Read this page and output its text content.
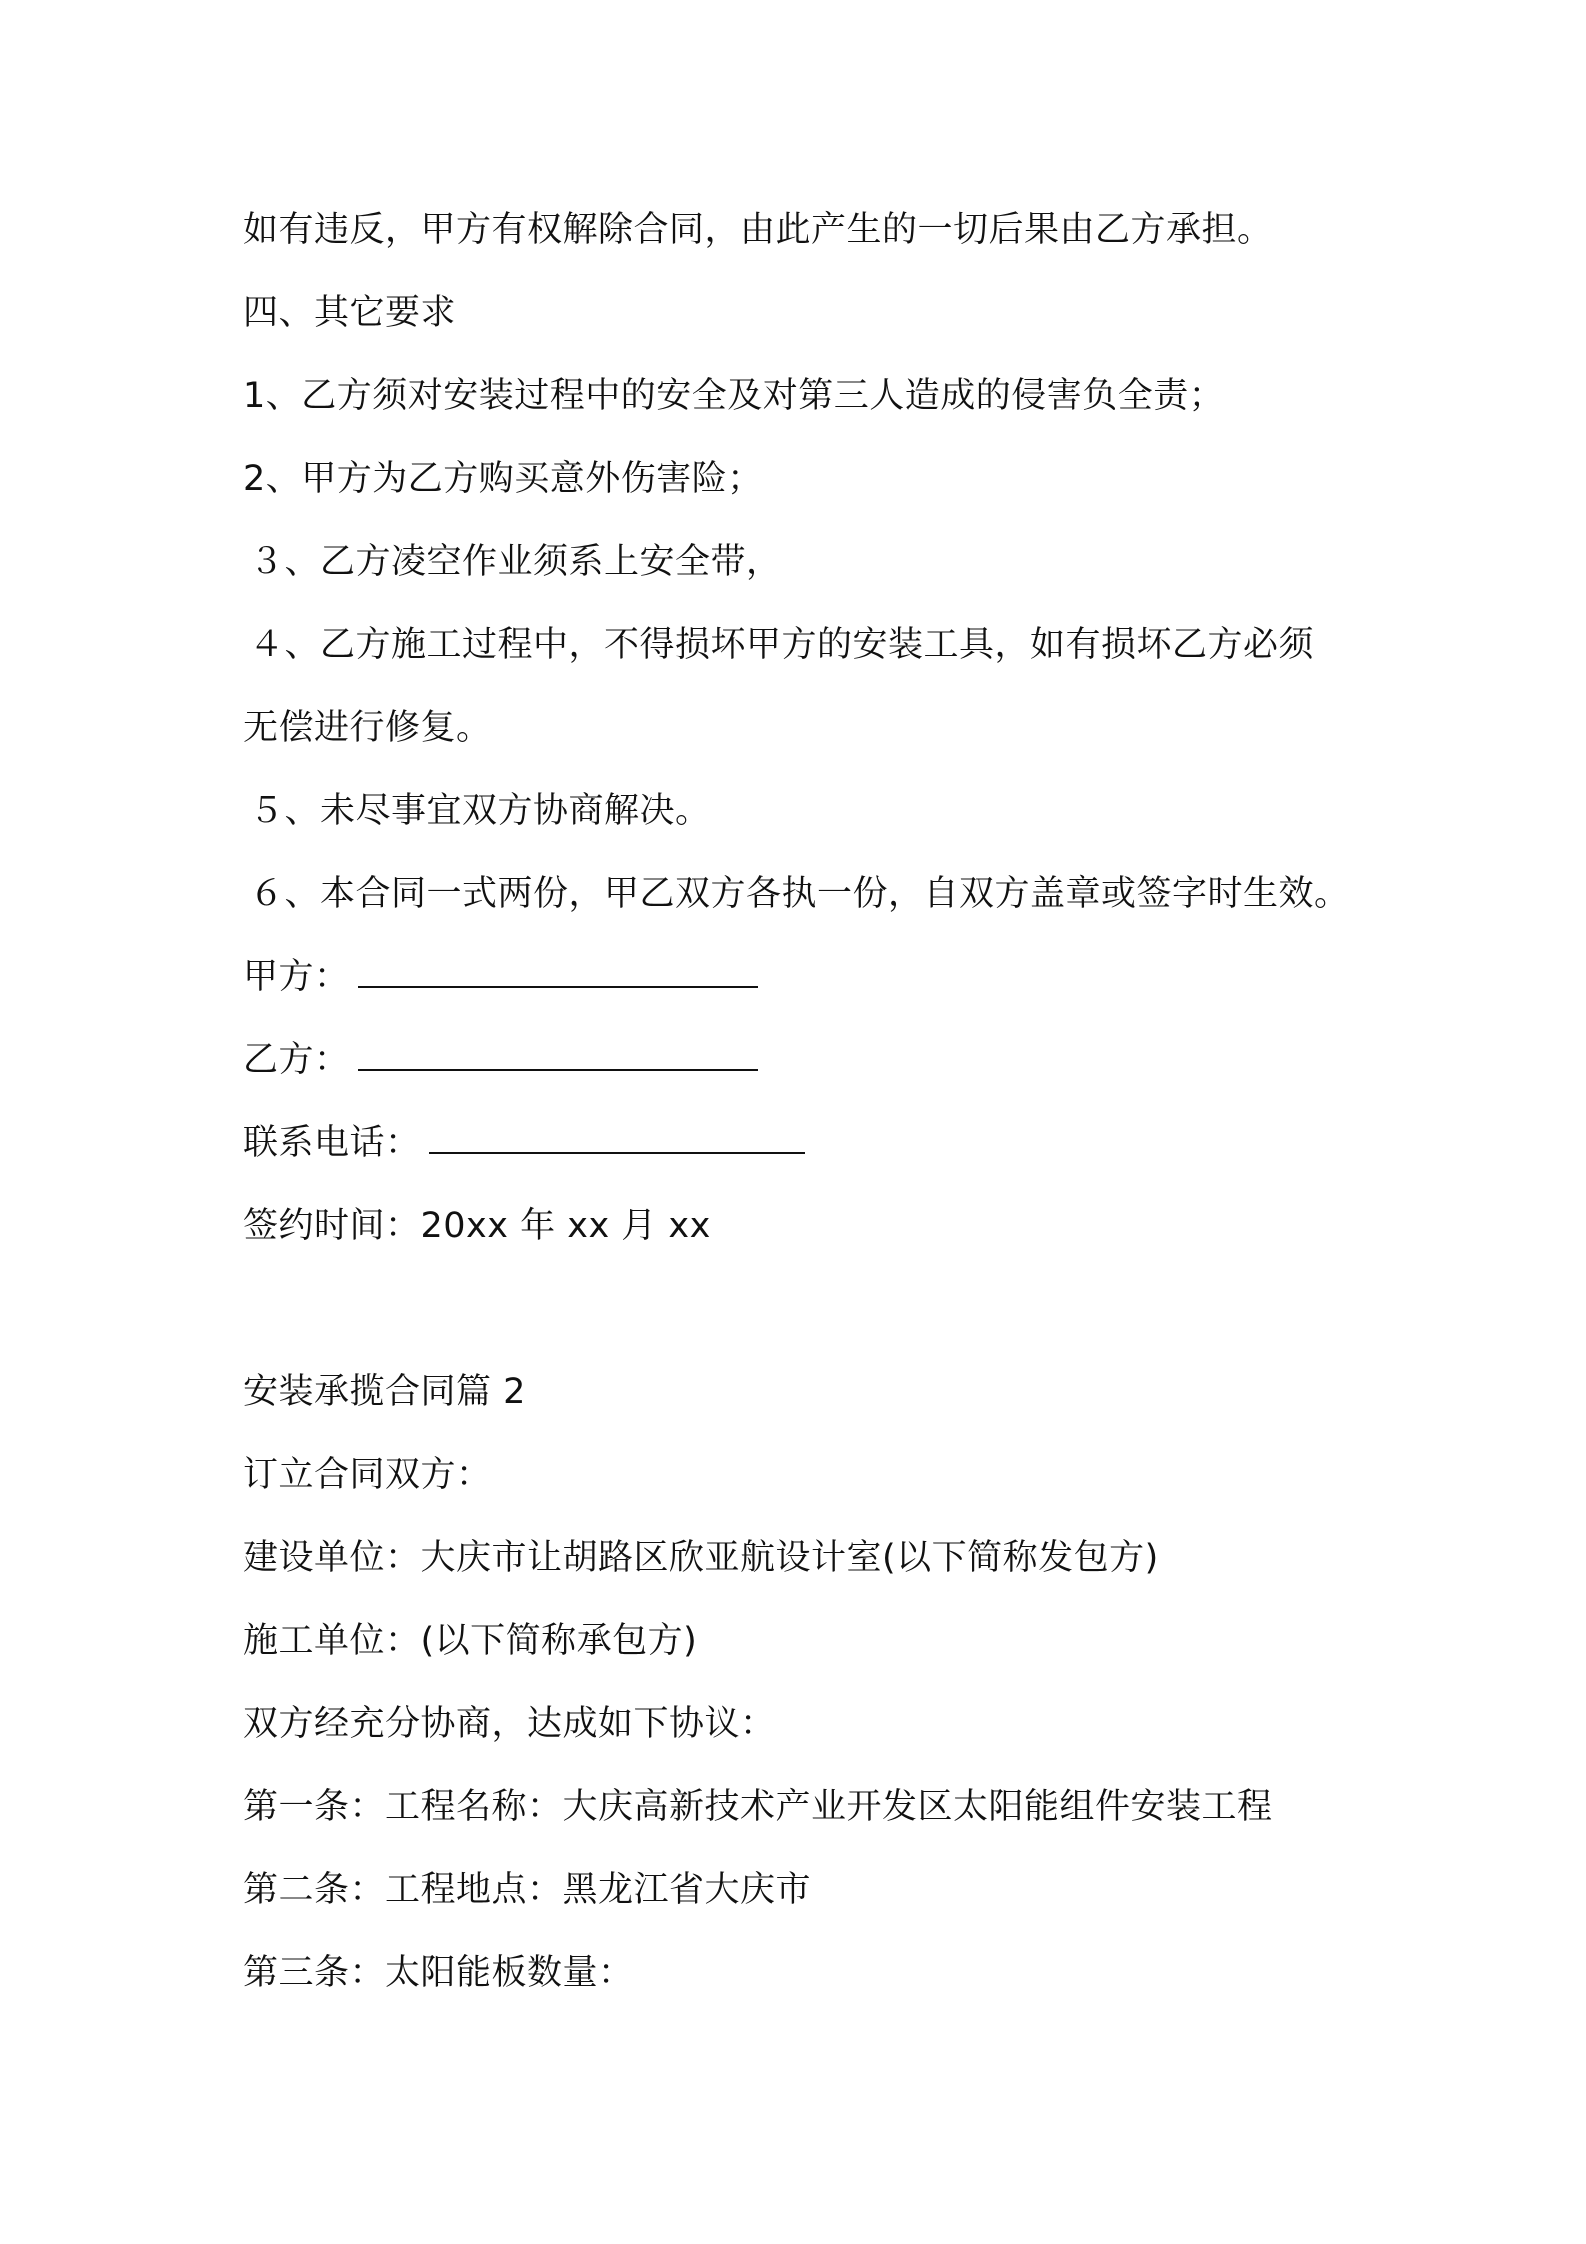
如有违反，甲方有权解除合同，由此产生的一切后果由乙方承担。
四、其它要求
1、乙方须对安装过程中的安全及对第三人造成的侵害负全责；
2、甲方为乙方购买意外伤害险；
３、乙方凌空作业须系上安全带，
４、乙方施工过程中，不得损坏甲方的安装工具，如有损坏乙方必须
无偿进行修复。
５、未尽事宜双方协商解决。
６、本合同一式两份，甲乙双方各执一份，自双方盖章或签字时生效。
甲方：
乙方：
联系电话：
签约时间：20xx 年 xx 月 xx
安装承揽合同篇 2
订立合同双方：
建设单位：大庆市让胡路区欣亚航设计室(以下简称发包方)
施工单位：(以下简称承包方)
双方经充分协商，达成如下协议：
第一条：工程名称：大庆高新技术产业开发区太阳能组件安装工程
第二条：工程地点：黑龙江省大庆市
第三条：太阳能板数量：
